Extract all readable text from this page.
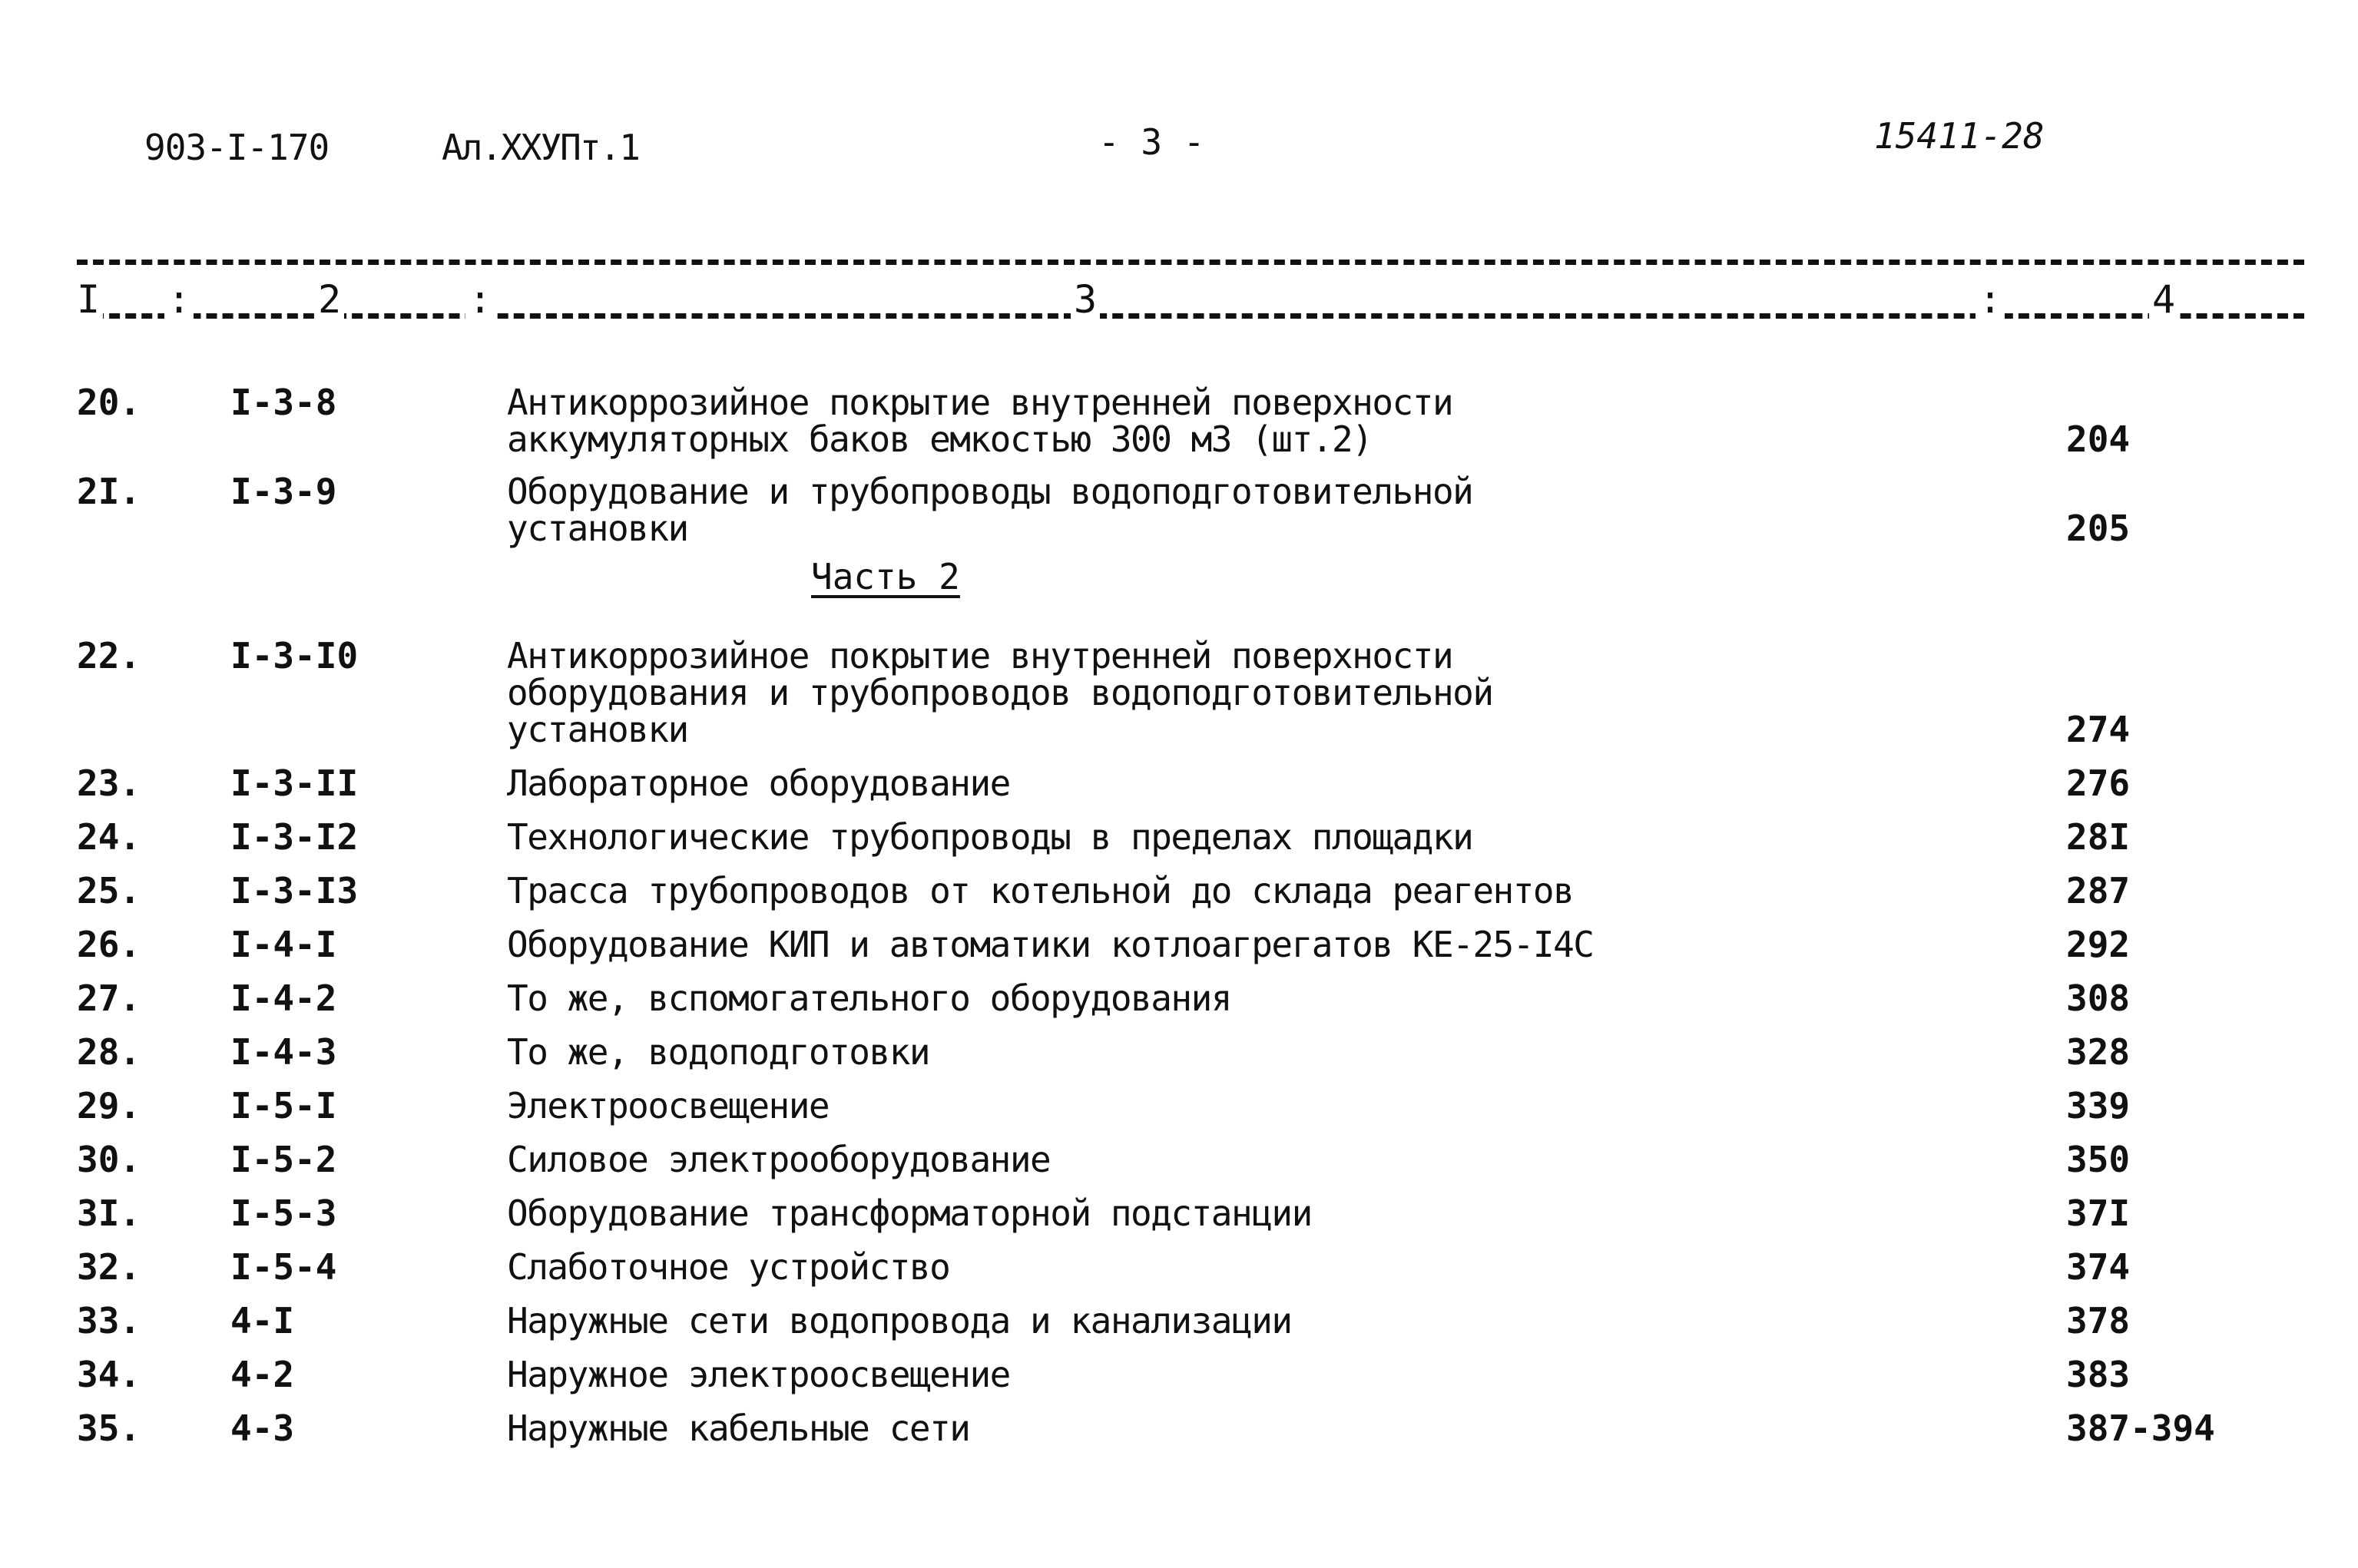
903-I-170	Ал.ХХУПт.1	- 3 -	15411-28
I :	2	:	3	:	4
Часть 2
20.	I-3-8	Антикоррозийное покрытие внутренней поверхности
аккумуляторных баков емкостью 300 м3 (шт.2)	204
2I.	I-3-9	Оборудование и трубопроводы водоподготовительной
установки	205
22.	I-3-I0	Антикоррозийное покрытие внутренней поверхности
оборудования и трубопроводов водоподготовительной
установки	274
23.	I-3-II	Лабораторное оборудование	276
24.	I-3-I2	Технологические трубопроводы в пределах площадки	28I
25.	I-3-I3	Трасса трубопроводов от котельной до склада реагентов	287
26.	I-4-I	Оборудование КИП и автоматики котлоагрегатов КЕ-25-I4С	292
27.	I-4-2	То же, вспомогательного оборудования	308
28.	I-4-3	То же, водоподготовки	328
29.	I-5-I	Электроосвещение	339
30.	I-5-2	Силовое электрооборудование	350
3I.	I-5-3	Оборудование трансформаторной подстанции	37I
32.	I-5-4	Слаботочное устройство	374
33.	4-I	Наружные сети водопровода и канализации	378
34.	4-2	Наружное электроосвещение	383
35.	4-3	Наружные кабельные сети	387-394
